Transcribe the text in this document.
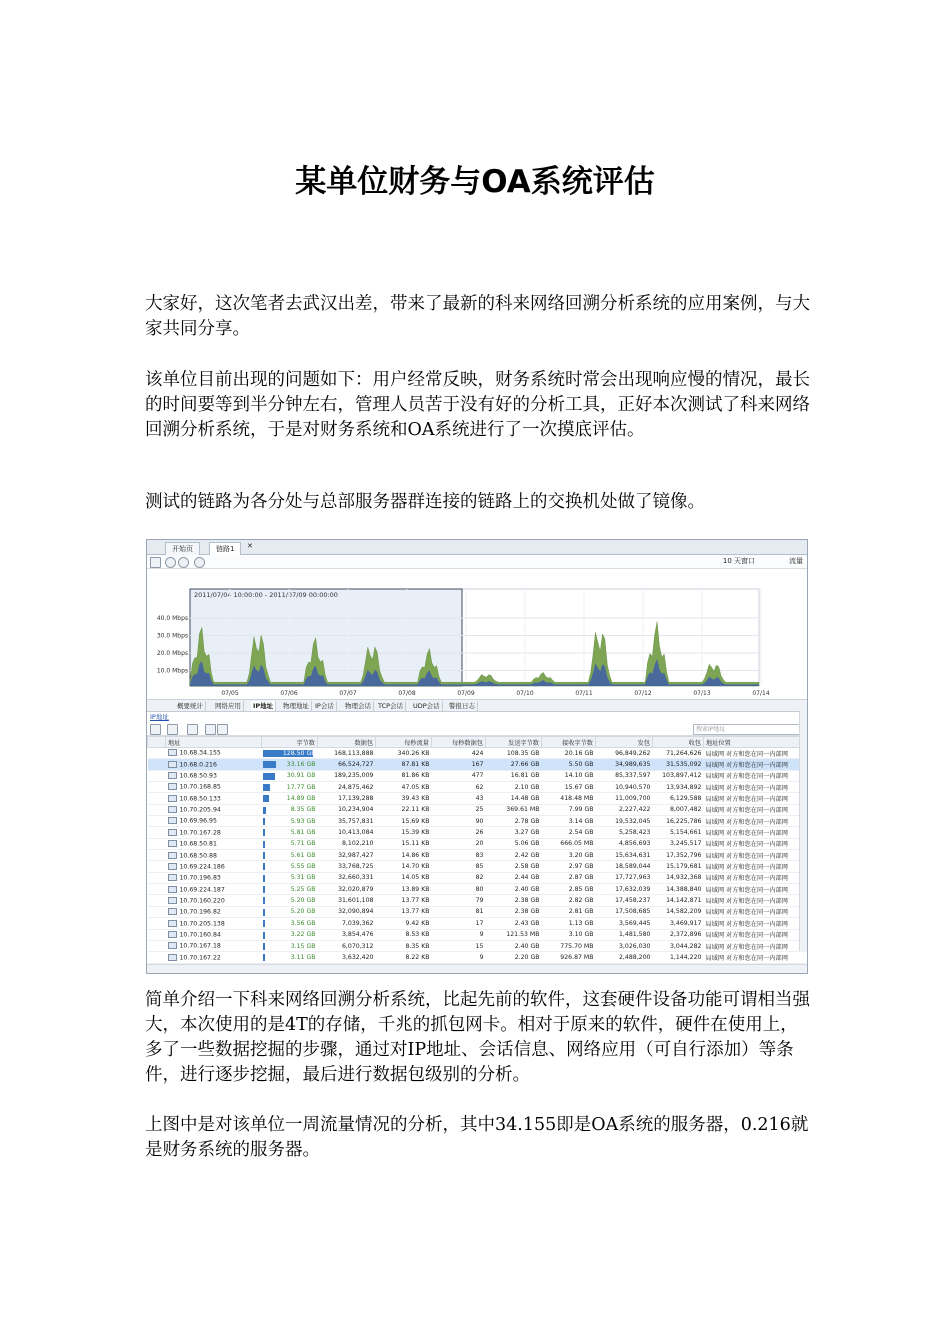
某单位财务与OA系统评估

大家好，这次笔者去武汉出差，带来了最新的科来网络回溯分析系统的应用案例，与大家共同分享。

该单位目前出现的问题如下：用户经常反映，财务系统时常会出现响应慢的情况，最长的时间要等到半分钟左右，管理人员苦于没有好的分析工具，正好本次测试了科来网络回溯分析系统，于是对财务系统和OA系统进行了一次摸底评估。

测试的链路为各分处与总部服务器群连接的链路上的交换机处做了镜像。

开始页	链路1	✕
10 天窗口	流量
2011/07/04 10:00:00 - 2011/07/09 00:00:00
40.0 Mbps
30.0 Mbps
20.0 Mbps
10.0 Mbps
07/05	07/06	07/07	07/08	07/09	07/10	07/11	07/12	07/13	07/14
概要统计	网络应用	IP地址	物理地址 IP会话	物理会话	TCP会话	UDP会话	警报日志
IP地址
搜索IP地址
	地址	字节数	数据包	每秒流量	每秒数据包	发送字节数	接收字节数	发包	收包	地址位置
	10.68.34.155	128.50 GB	168,113,888	340.26 KB	424	108.35 GB	20.16 GB	96,849,262	71,264,626	局域网 对方和您在同一内部网
	10.68.0.216	33.16 GB	66,524,727	87.81 KB	167	27.66 GB	5.50 GB	34,989,635	31,535,092	局域网 对方和您在同一内部网
	10.68.50.93	30.91 GB	189,235,009	81.86 KB	477	16.81 GB	14.10 GB	85,337,597	103,897,412	局域网 对方和您在同一内部网
	10.70.168.85	17.77 GB	24,875,462	47.05 KB	62	2.10 GB	15.67 GB	10,940,570	13,934,892	局域网 对方和您在同一内部网
	10.68.50.133	14.89 GB	17,139,288	39.43 KB	43	14.48 GB	418.48 MB	11,009,700	6,129,588	局域网 对方和您在同一内部网
	10.70.205.94	8.35 GB	10,234,904	22.11 KB	25	369.61 MB	7.99 GB	2,227,422	8,007,482	局域网 对方和您在同一内部网
	10.69.96.95	5.93 GB	35,757,831	15.69 KB	90	2.78 GB	3.14 GB	19,532,045	16,225,786	局域网 对方和您在同一内部网
	10.70.167.28	5.81 GB	10,413,084	15.39 KB	26	3.27 GB	2.54 GB	5,258,423	5,154,661	局域网 对方和您在同一内部网
	10.68.50.81	5.71 GB	8,102,210	15.11 KB	20	5.06 GB	666.05 MB	4,856,693	3,245,517	局域网 对方和您在同一内部网
	10.68.50.88	5.61 GB	32,987,427	14.86 KB	83	2.42 GB	3.20 GB	15,634,631	17,352,796	局域网 对方和您在同一内部网
	10.69.224.186	5.55 GB	33,768,725	14.70 KB	85	2.58 GB	2.97 GB	18,589,044	15,179,681	局域网 对方和您在同一内部网
	10.70.196.83	5.31 GB	32,660,331	14.05 KB	82	2.44 GB	2.87 GB	17,727,963	14,932,368	局域网 对方和您在同一内部网
	10.69.224.187	5.25 GB	32,020,879	13.89 KB	80	2.40 GB	2.85 GB	17,632,039	14,388,840	局域网 对方和您在同一内部网
	10.70.160.220	5.20 GB	31,601,108	13.77 KB	79	2.38 GB	2.82 GB	17,458,237	14,142,871	局域网 对方和您在同一内部网
	10.70.196.82	5.20 GB	32,090,894	13.77 KB	81	2.38 GB	2.81 GB	17,508,685	14,582,209	局域网 对方和您在同一内部网
	10.70.205.138	3.56 GB	7,039,362	9.42 KB	17	2.43 GB	1.13 GB	3,569,445	3,469,917	局域网 对方和您在同一内部网
	10.70.160.84	3.22 GB	3,854,476	8.53 KB	9	121.53 MB	3.10 GB	1,481,580	2,372,896	局域网 对方和您在同一内部网
	10.70.167.18	3.15 GB	6,070,312	8.35 KB	15	2.40 GB	775.70 MB	3,026,030	3,044,282	局域网 对方和您在同一内部网
	10.70.167.22	3.11 GB	3,632,420	8.22 KB	9	2.20 GB	926.87 MB	2,488,200	1,144,220	局域网 对方和您在同一内部网

简单介绍一下科来网络回溯分析系统，比起先前的软件，这套硬件设备功能可谓相当强大，本次使用的是4T的存储，千兆的抓包网卡。相对于原来的软件，硬件在使用上，多了一些数据挖掘的步骤，通过对IP地址、会话信息、网络应用（可自行添加）等条件，进行逐步挖掘，最后进行数据包级别的分析。

上图中是对该单位一周流量情况的分析，其中34.155即是OA系统的服务器，0.216就是财务系统的服务器。
